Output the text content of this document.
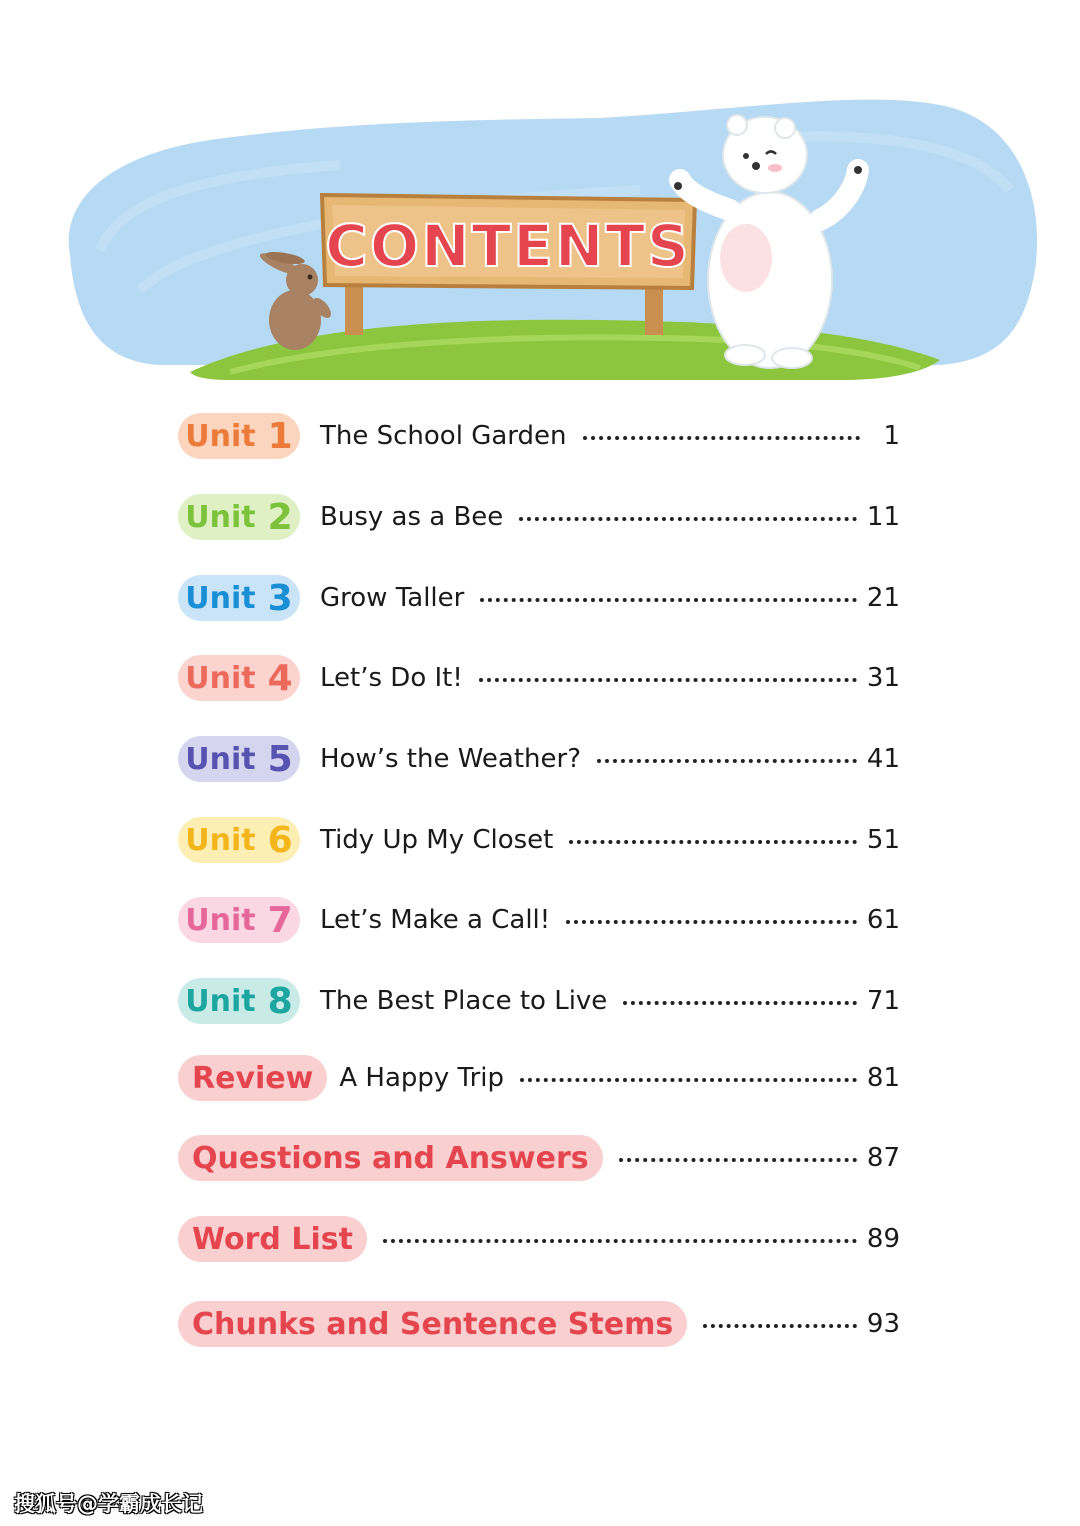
CONTENTS
Unit 1 The School Garden	1
Unit 2 Busy as a Bee	11
Unit 3 Grow Taller	21
Unit 4 Let’s Do It!	31
Unit 5 How’s the Weather?	41
Unit 6 Tidy Up My Closet	51
Unit 7 Let’s Make a Call!	61
Unit 8 The Best Place to Live	71
Review	A Happy Trip	81
Questions and Answers	87
Word List	89
Chunks and Sentence Stems	93
搜狐号@学霸成长记
